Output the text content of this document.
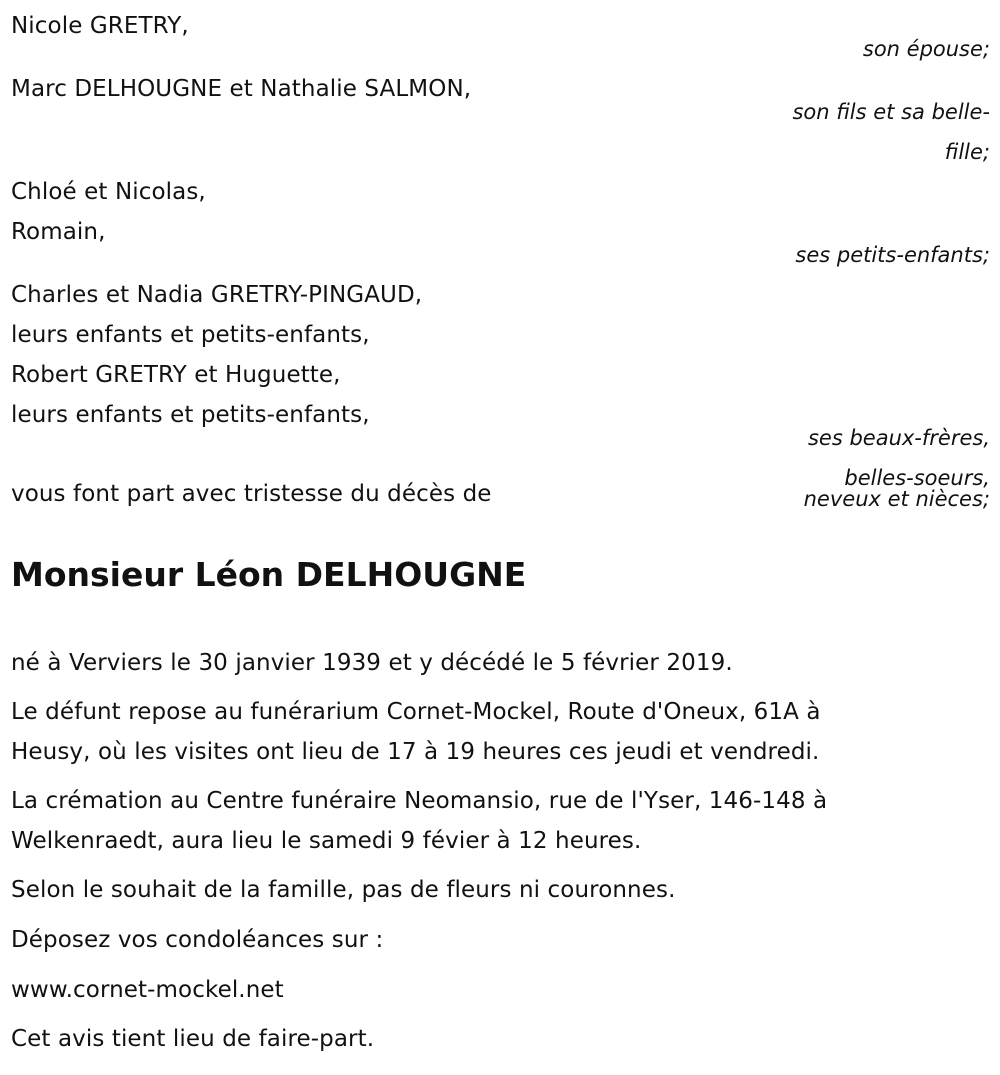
Nicole GRETRY,
son épouse;
Marc DELHOUGNE et Nathalie SALMON,
son fils et sa belle-
fille;
Chloé et Nicolas,
Romain,
ses petits-enfants;
Charles et Nadia GRETRY-PINGAUD,
leurs enfants et petits-enfants,
Robert GRETRY et Huguette,
leurs enfants et petits-enfants,
ses beaux-frères,
belles-soeurs,
neveux et nièces;
vous font part avec tristesse du décès de
Monsieur Léon DELHOUGNE
né à Verviers le 30 janvier 1939 et y décédé le 5 février 2019.
Le défunt repose au funérarium Cornet-Mockel, Route d'Oneux, 61A à
Heusy, où les visites ont lieu de 17 à 19 heures ces jeudi et vendredi.
La crémation au Centre funéraire Neomansio, rue de l'Yser, 146-148 à
Welkenraedt, aura lieu le samedi 9 févier à 12 heures.
Selon le souhait de la famille, pas de fleurs ni couronnes.
Déposez vos condoléances sur :
www.cornet-mockel.net
Cet avis tient lieu de faire-part.
